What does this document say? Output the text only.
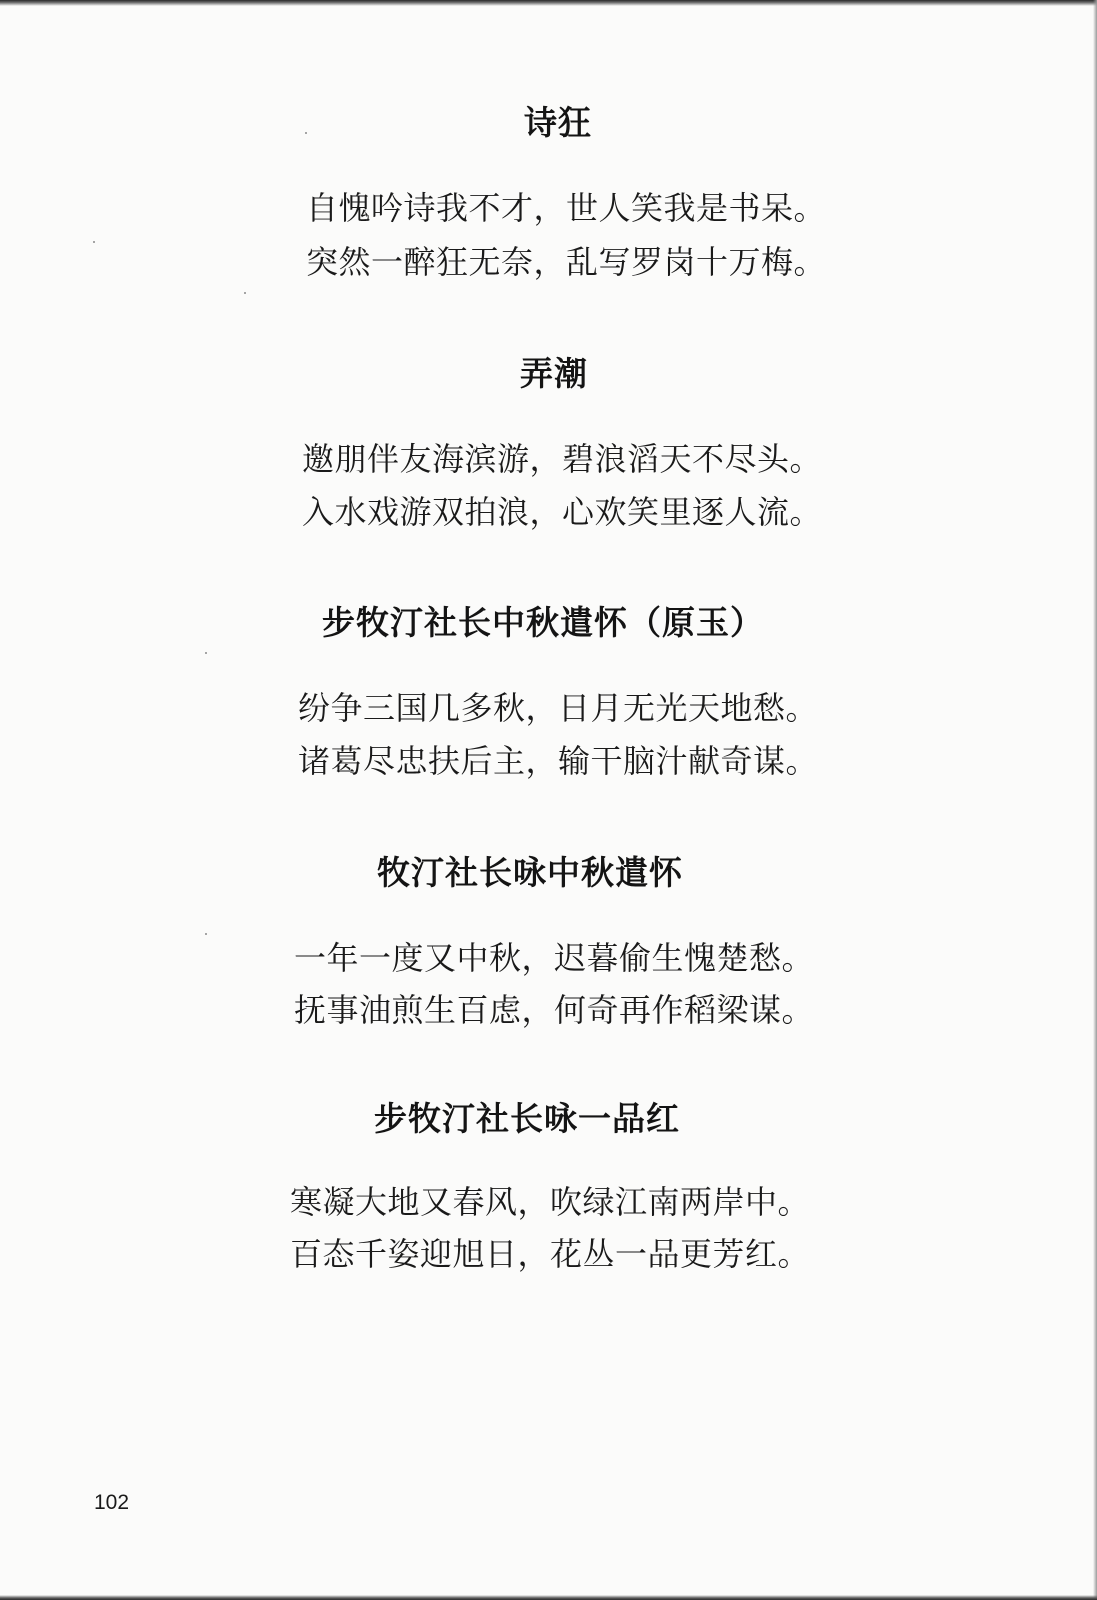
诗狂

自愧吟诗我不才，世人笑我是书呆。

突然一醉狂无奈，乱写罗岗十万梅。

弄潮

邀朋伴友海滨游，碧浪滔天不尽头。

入水戏游双拍浪，心欢笑里逐人流。

步牧汀社长中秋遣怀（原玉）

纷争三国几多秋，日月无光天地愁。

诸葛尽忠扶后主，输干脑汁献奇谋。

牧汀社长咏中秋遣怀

一年一度又中秋，迟暮偷生愧楚愁。

抚事油煎生百虑，何奇再作稻梁谋。

步牧汀社长咏一品红

寒凝大地又春风，吹绿江南两岸中。

百态千姿迎旭日，花丛一品更芳红。

102
